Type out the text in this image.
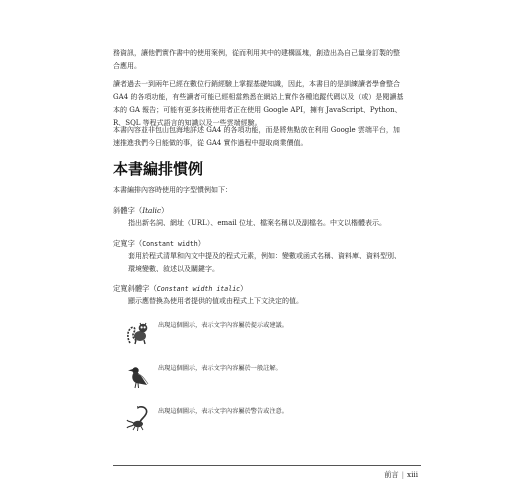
務資訊，讓他們實作書中的使用案例，從而利用其中的建構區塊，創造出為自己量身訂製的整合應用。

讀者過去一到兩年已經在數位行銷經驗上掌握基礎知識，因此，本書目的是訓練讀者學會整合 GA4 的各項功能，有些讀者可能已經相當熟悉在網站上實作各種追蹤代碼以及（或）是閱讀基本的 GA 報告；可能有更多技術使用者正在使用 Google API，擁有 JavaScript、Python、R、SQL 等程式語言的知識以及一些雲端經驗。

本書內容並非包山包海地詳述 GA4 的各項功能，而是將焦點放在利用 Google 雲端平台，加速推進我們今日能做的事，從 GA4 實作過程中提取商業價值。

本書編排慣例

本書編排內容時使用的字型慣例如下：

斜體字（Italic）

指出新名詞、網址（URL）、email 位址、檔案名稱以及副檔名。中文以楷體表示。

定寬字（Constant width）

套用於程式清單和內文中提及的程式元素，例如：變數或函式名稱、資料庫、資料型別、環境變數、敘述以及關鍵字。

定寬斜體字（Constant width italic）

顯示應替換為使用者提供的值或由程式上下文決定的值。

出現這個圖示，表示文字內容屬於提示或建議。

出現這個圖示，表示文字內容屬於一般註解。

出現這個圖示，表示文字內容屬於警告或注意。

前言 | xiii
